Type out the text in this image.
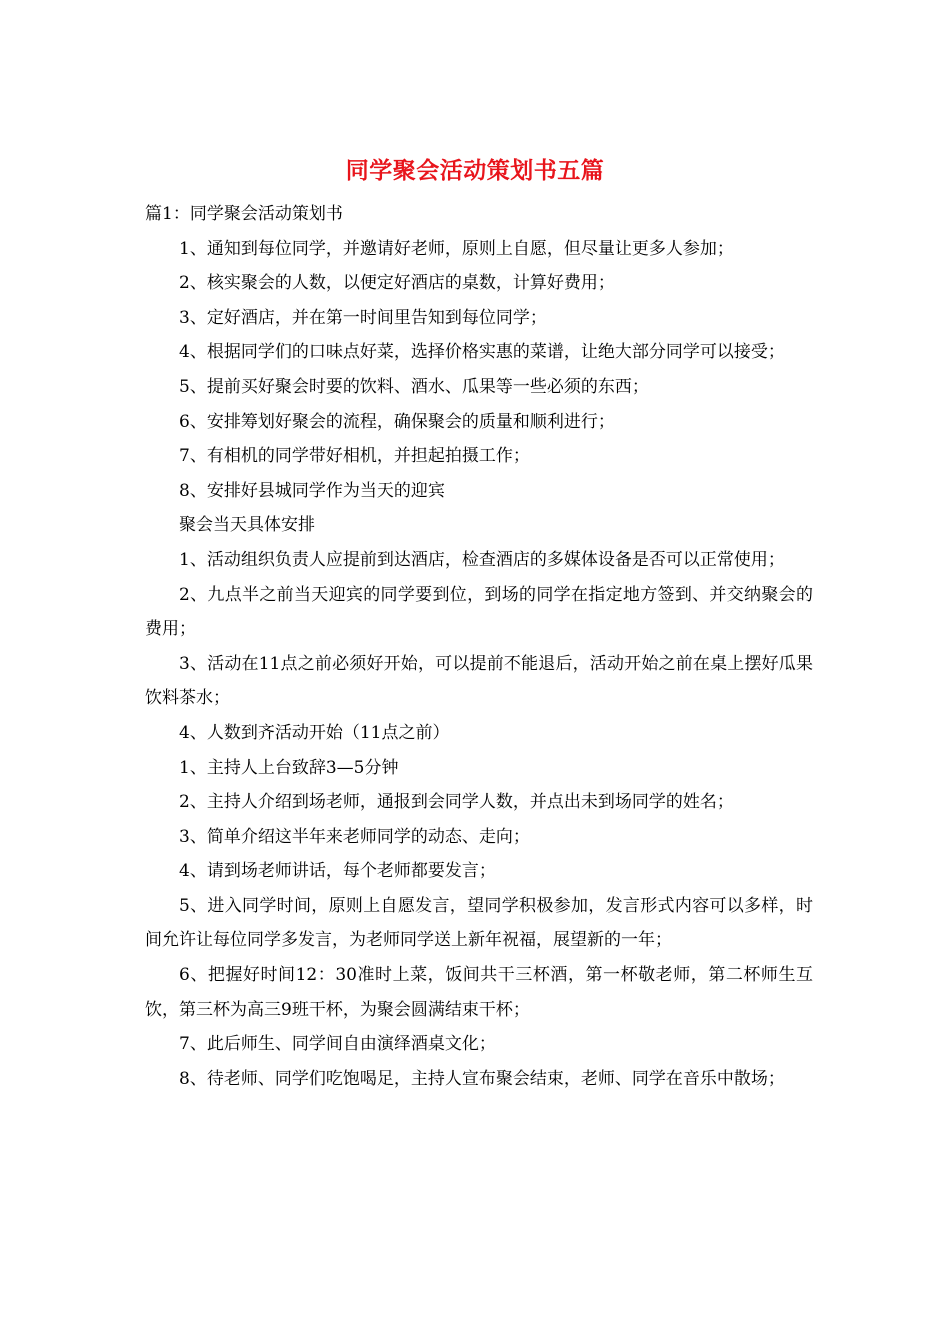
同学聚会活动策划书五篇

篇1：同学聚会活动策划书

1、通知到每位同学，并邀请好老师，原则上自愿，但尽量让更多人参加；

2、核实聚会的人数，以便定好酒店的桌数，计算好费用；

3、定好酒店，并在第一时间里告知到每位同学；

4、根据同学们的口味点好菜，选择价格实惠的菜谱，让绝大部分同学可以接受；

5、提前买好聚会时要的饮料、酒水、瓜果等一些必须的东西；

6、安排筹划好聚会的流程，确保聚会的质量和顺利进行；

7、有相机的同学带好相机，并担起拍摄工作；

8、安排好县城同学作为当天的迎宾

聚会当天具体安排

1、活动组织负责人应提前到达酒店，检查酒店的多媒体设备是否可以正常使用；

2、九点半之前当天迎宾的同学要到位，到场的同学在指定地方签到、并交纳聚会的费用；

3、活动在11点之前必须好开始，可以提前不能退后，活动开始之前在桌上摆好瓜果饮料茶水；

4、人数到齐活动开始（11点之前）

1、主持人上台致辞3—5分钟

2、主持人介绍到场老师，通报到会同学人数，并点出未到场同学的姓名；

3、简单介绍这半年来老师同学的动态、走向；

4、请到场老师讲话，每个老师都要发言；

5、进入同学时间，原则上自愿发言，望同学积极参加，发言形式内容可以多样，时间允许让每位同学多发言，为老师同学送上新年祝福，展望新的一年；

6、把握好时间12：30准时上菜，饭间共干三杯酒，第一杯敬老师，第二杯师生互饮，第三杯为高三9班干杯，为聚会圆满结束干杯；

7、此后师生、同学间自由演绎酒桌文化；

8、待老师、同学们吃饱喝足，主持人宣布聚会结束，老师、同学在音乐中散场；
